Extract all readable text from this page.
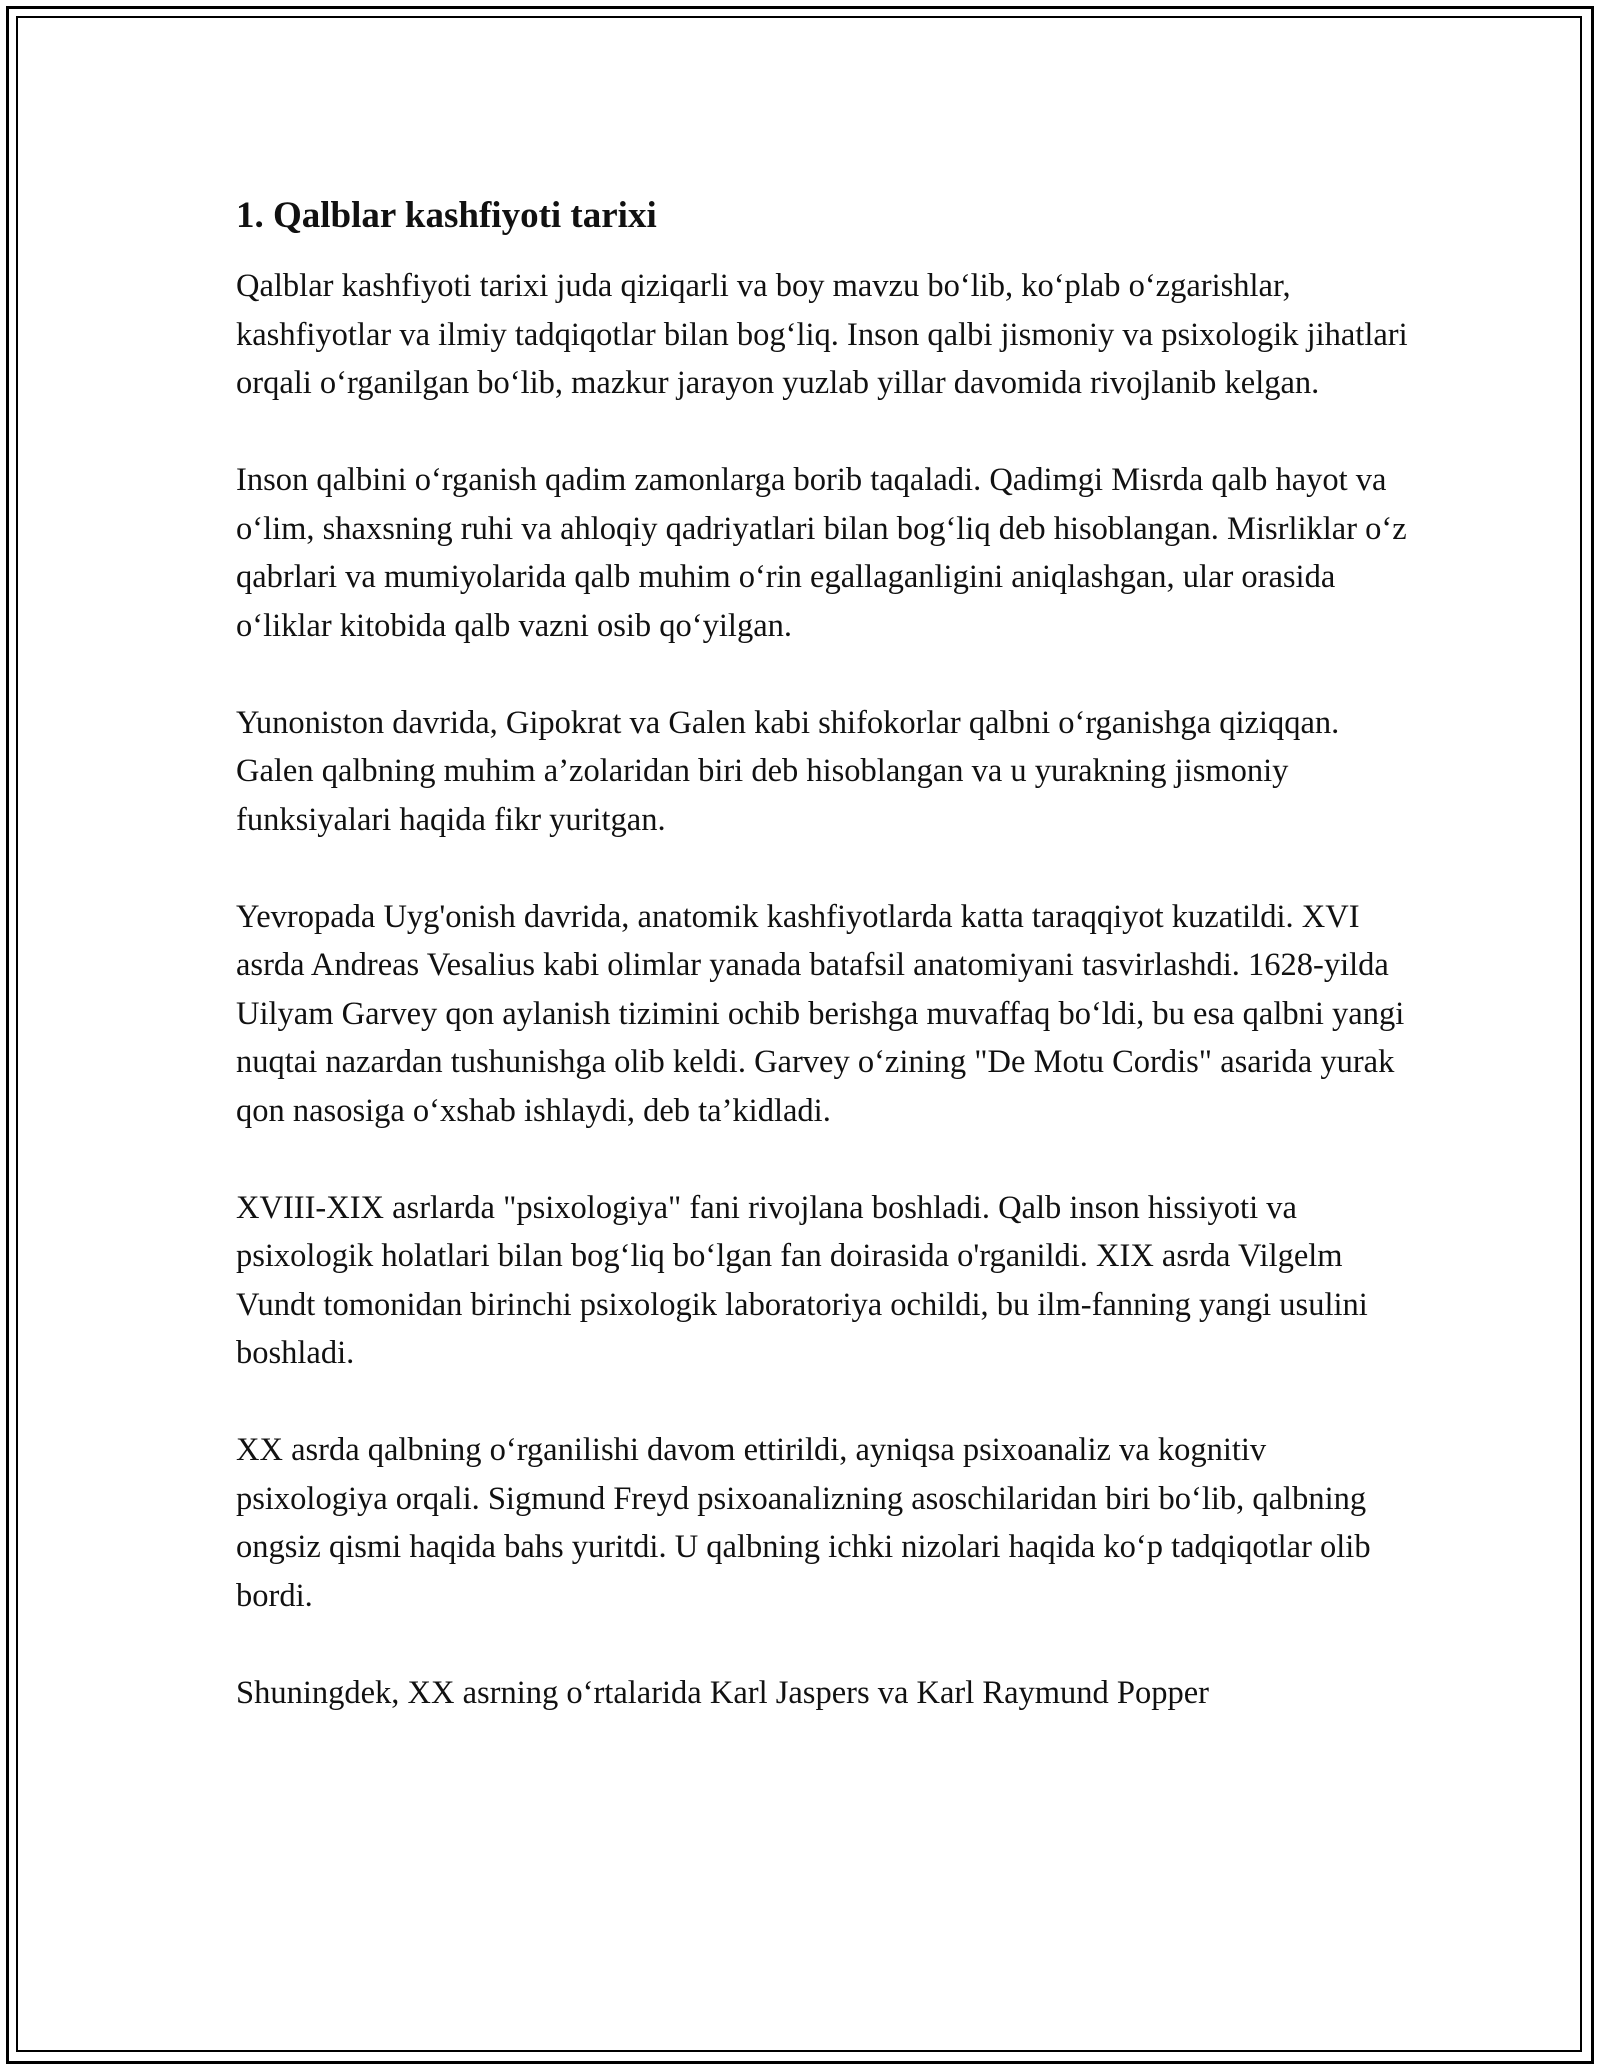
1. Qalblar kashfiyoti tarixi

Qalblar kashfiyoti tarixi juda qiziqarli va boy mavzu bo‘lib, ko‘plab o‘zgarishlar, kashfiyotlar va ilmiy tadqiqotlar bilan bog‘liq. Inson qalbi jismoniy va psixologik jihatlari orqali o‘rganilgan bo‘lib, mazkur jarayon yuzlab yillar davomida rivojlanib kelgan.

Inson qalbini o‘rganish qadim zamonlarga borib taqaladi. Qadimgi Misrda qalb hayot va o‘lim, shaxsning ruhi va ahloqiy qadriyatlari bilan bog‘liq deb hisoblangan. Misrliklar o‘z qabrlari va mumiyolarida qalb muhim o‘rin egallaganligini aniqlashgan, ular orasida o‘liklar kitobida qalb vazni osib qo‘yilgan.

Yunoniston davrida, Gipokrat va Galen kabi shifokorlar qalbni o‘rganishga qiziqqan. Galen qalbning muhim a’zolaridan biri deb hisoblangan va u yurakning jismoniy funksiyalari haqida fikr yuritgan.

Yevropada Uyg'onish davrida, anatomik kashfiyotlarda katta taraqqiyot kuzatildi. XVI asrda Andreas Vesalius kabi olimlar yanada batafsil anatomiyani tasvirlashdi. 1628-yilda Uilyam Garvey qon aylanish tizimini ochib berishga muvaffaq bo‘ldi, bu esa qalbni yangi nuqtai nazardan tushunishga olib keldi. Garvey o‘zining "De Motu Cordis" asarida yurak qon nasosiga o‘xshab ishlaydi, deb ta’kidladi.

XVIII-XIX asrlarda "psixologiya" fani rivojlana boshladi. Qalb inson hissiyoti va psixologik holatlari bilan bog‘liq bo‘lgan fan doirasida o'rganildi. XIX asrda Vilgelm Vundt tomonidan birinchi psixologik laboratoriya ochildi, bu ilm-fanning yangi usulini boshladi.

XX asrda qalbning o‘rganilishi davom ettirildi, ayniqsa psixoanaliz va kognitiv psixologiya orqali. Sigmund Freyd psixoanalizning asoschilaridan biri bo‘lib, qalbning ongsiz qismi haqida bahs yuritdi. U qalbning ichki nizolari haqida ko‘p tadqiqotlar olib bordi.

Shuningdek, XX asrning o‘rtalarida Karl Jaspers va Karl Raymund Popper
